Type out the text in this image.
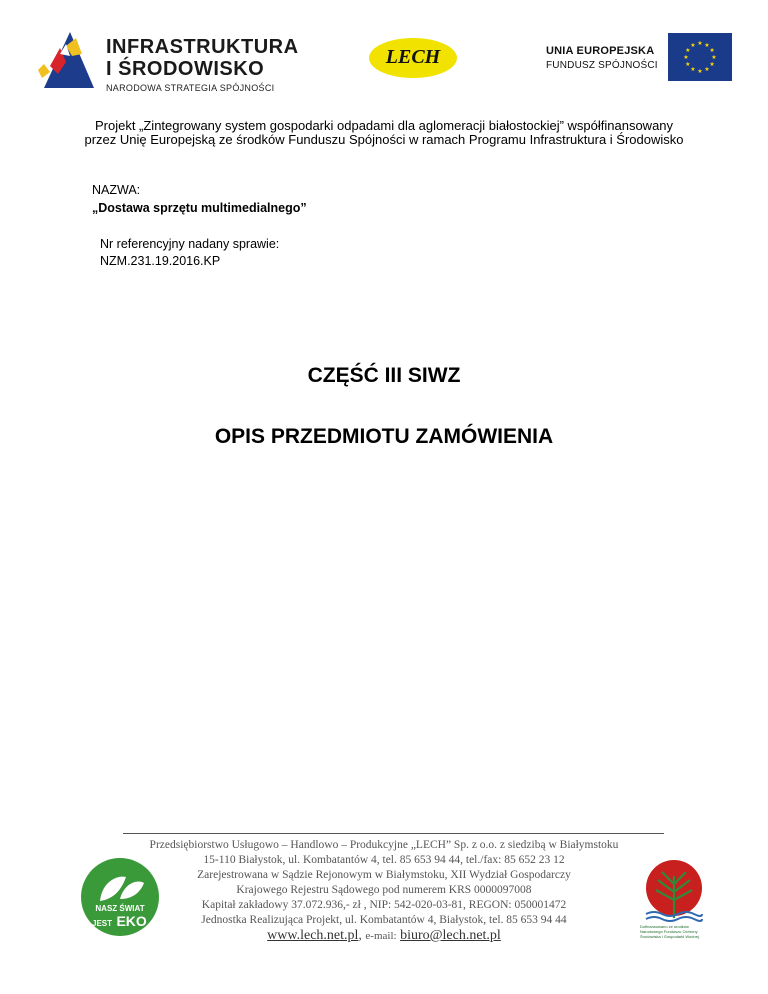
INFRASTRUKTURA
I ŚRODOWISKO
NARODOWA STRATEGIA SPÓJNOŚCI
LECH	UNIA EUROPEJSKA
FUNDUSZ SPÓJNOŚCI
★
★
★
★
★
★
★
★
★ ★ ★
★
Projekt „Zintegrowany system gospodarki odpadami dla aglomeracji białostockiej” współfinansowany
przez Unię Europejską ze środków Funduszu Spójności w ramach Programu Infrastruktura i Środowisko
NAZWA:
„Dostawa sprzętu multimedialnego”
Nr referencyjny nadany sprawie:
NZM.231.19.2016.KP
CZĘŚĆ III SIWZ
OPIS PRZEDMIOTU ZAMÓWIENIA
NASZ ŚWIAT
JEST EKO
Przedsiębiorstwo Usługowo – Handlowo – Produkcyjne „LECH” Sp. z o.o. z siedzibą w Białymstoku
15-110 Białystok, ul. Kombatantów 4, tel. 85 653 94 44, tel./fax: 85 652 23 12
Zarejestrowana w Sądzie Rejonowym w Białymstoku, XII Wydział Gospodarczy
Krajowego Rejestru Sądowego pod numerem KRS 0000097008
Kapitał zakładowy 37.072.936,- zł , NIP: 542-020-03-81, REGON: 050001472
Jednostka Realizująca Projekt, ul. Kombatantów 4, Białystok, tel. 85 653 94 44
www.lech.net.pl, e-mail: biuro@lech.net.pl
Dofinansowano ze środków
Narodowego Funduszu Ochrony
Środowiska i Gospodarki Wodnej
